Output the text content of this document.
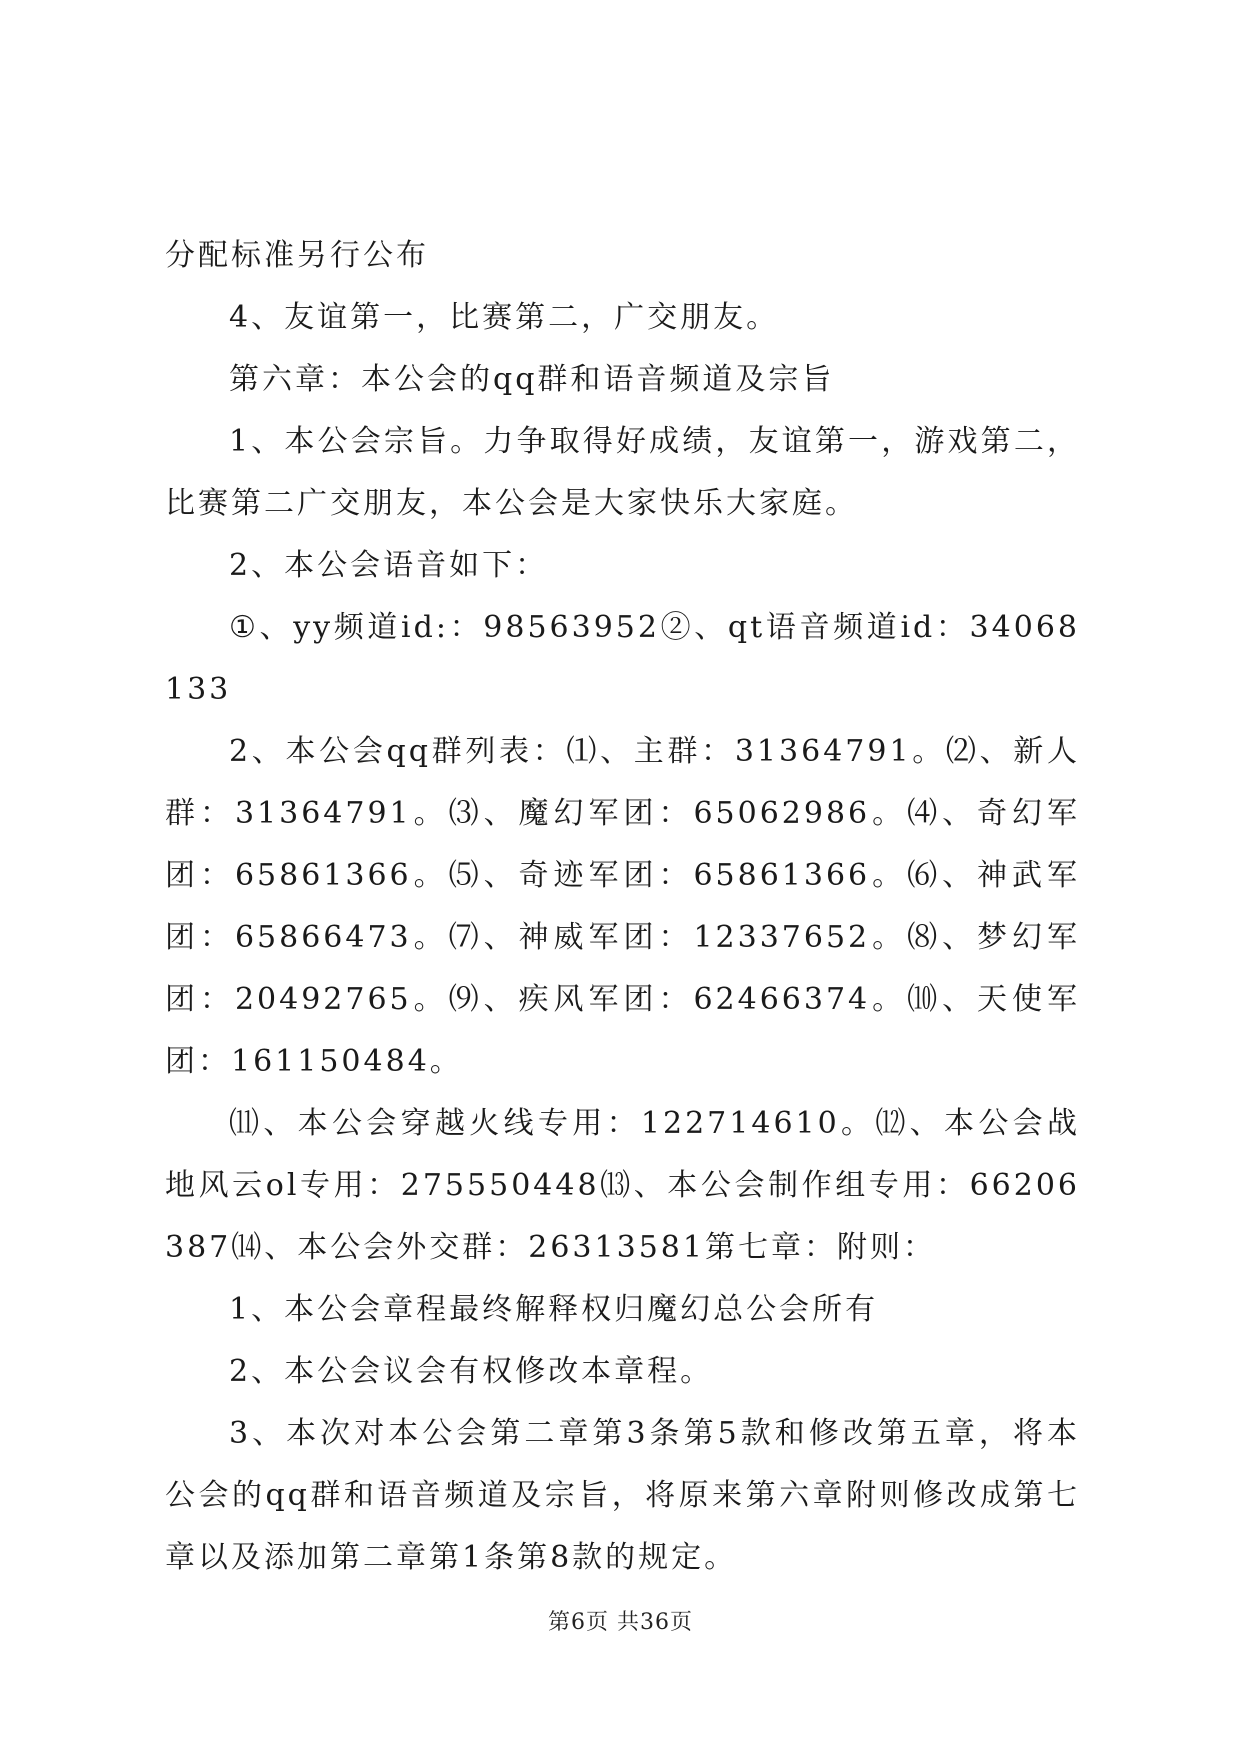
分配标准另行公布

4、友谊第一，比赛第二，广交朋友。

第六章：本公会的qq群和语音频道及宗旨

1、本公会宗旨。力争取得好成绩，友谊第一，游戏第二，比赛第二广交朋友，本公会是大家快乐大家庭。

2、本公会语音如下：

①、yy频道id:：98563952②、qt语音频道id：34068133

2、本公会qq群列表：⑴、主群：31364791。⑵、新人群：31364791。⑶、魔幻军团：65062986。⑷、奇幻军团：65861366。⑸、奇迹军团：65861366。⑹、神武军团：65866473。⑺、神威军团：12337652。⑻、梦幻军团：20492765。⑼、疾风军团：62466374。⑽、天使军团：161150484。

⑾、本公会穿越火线专用：122714610。⑿、本公会战地风云ol专用：275550448⒀、本公会制作组专用：66206387⒁、本公会外交群：26313581第七章：附则：

1、本公会章程最终解释权归魔幻总公会所有

2、本公会议会有权修改本章程。

3、本次对本公会第二章第3条第5款和修改第五章，将本公会的qq群和语音频道及宗旨，将原来第六章附则修改成第七章以及添加第二章第1条第8款的规定。

第6页 共36页
